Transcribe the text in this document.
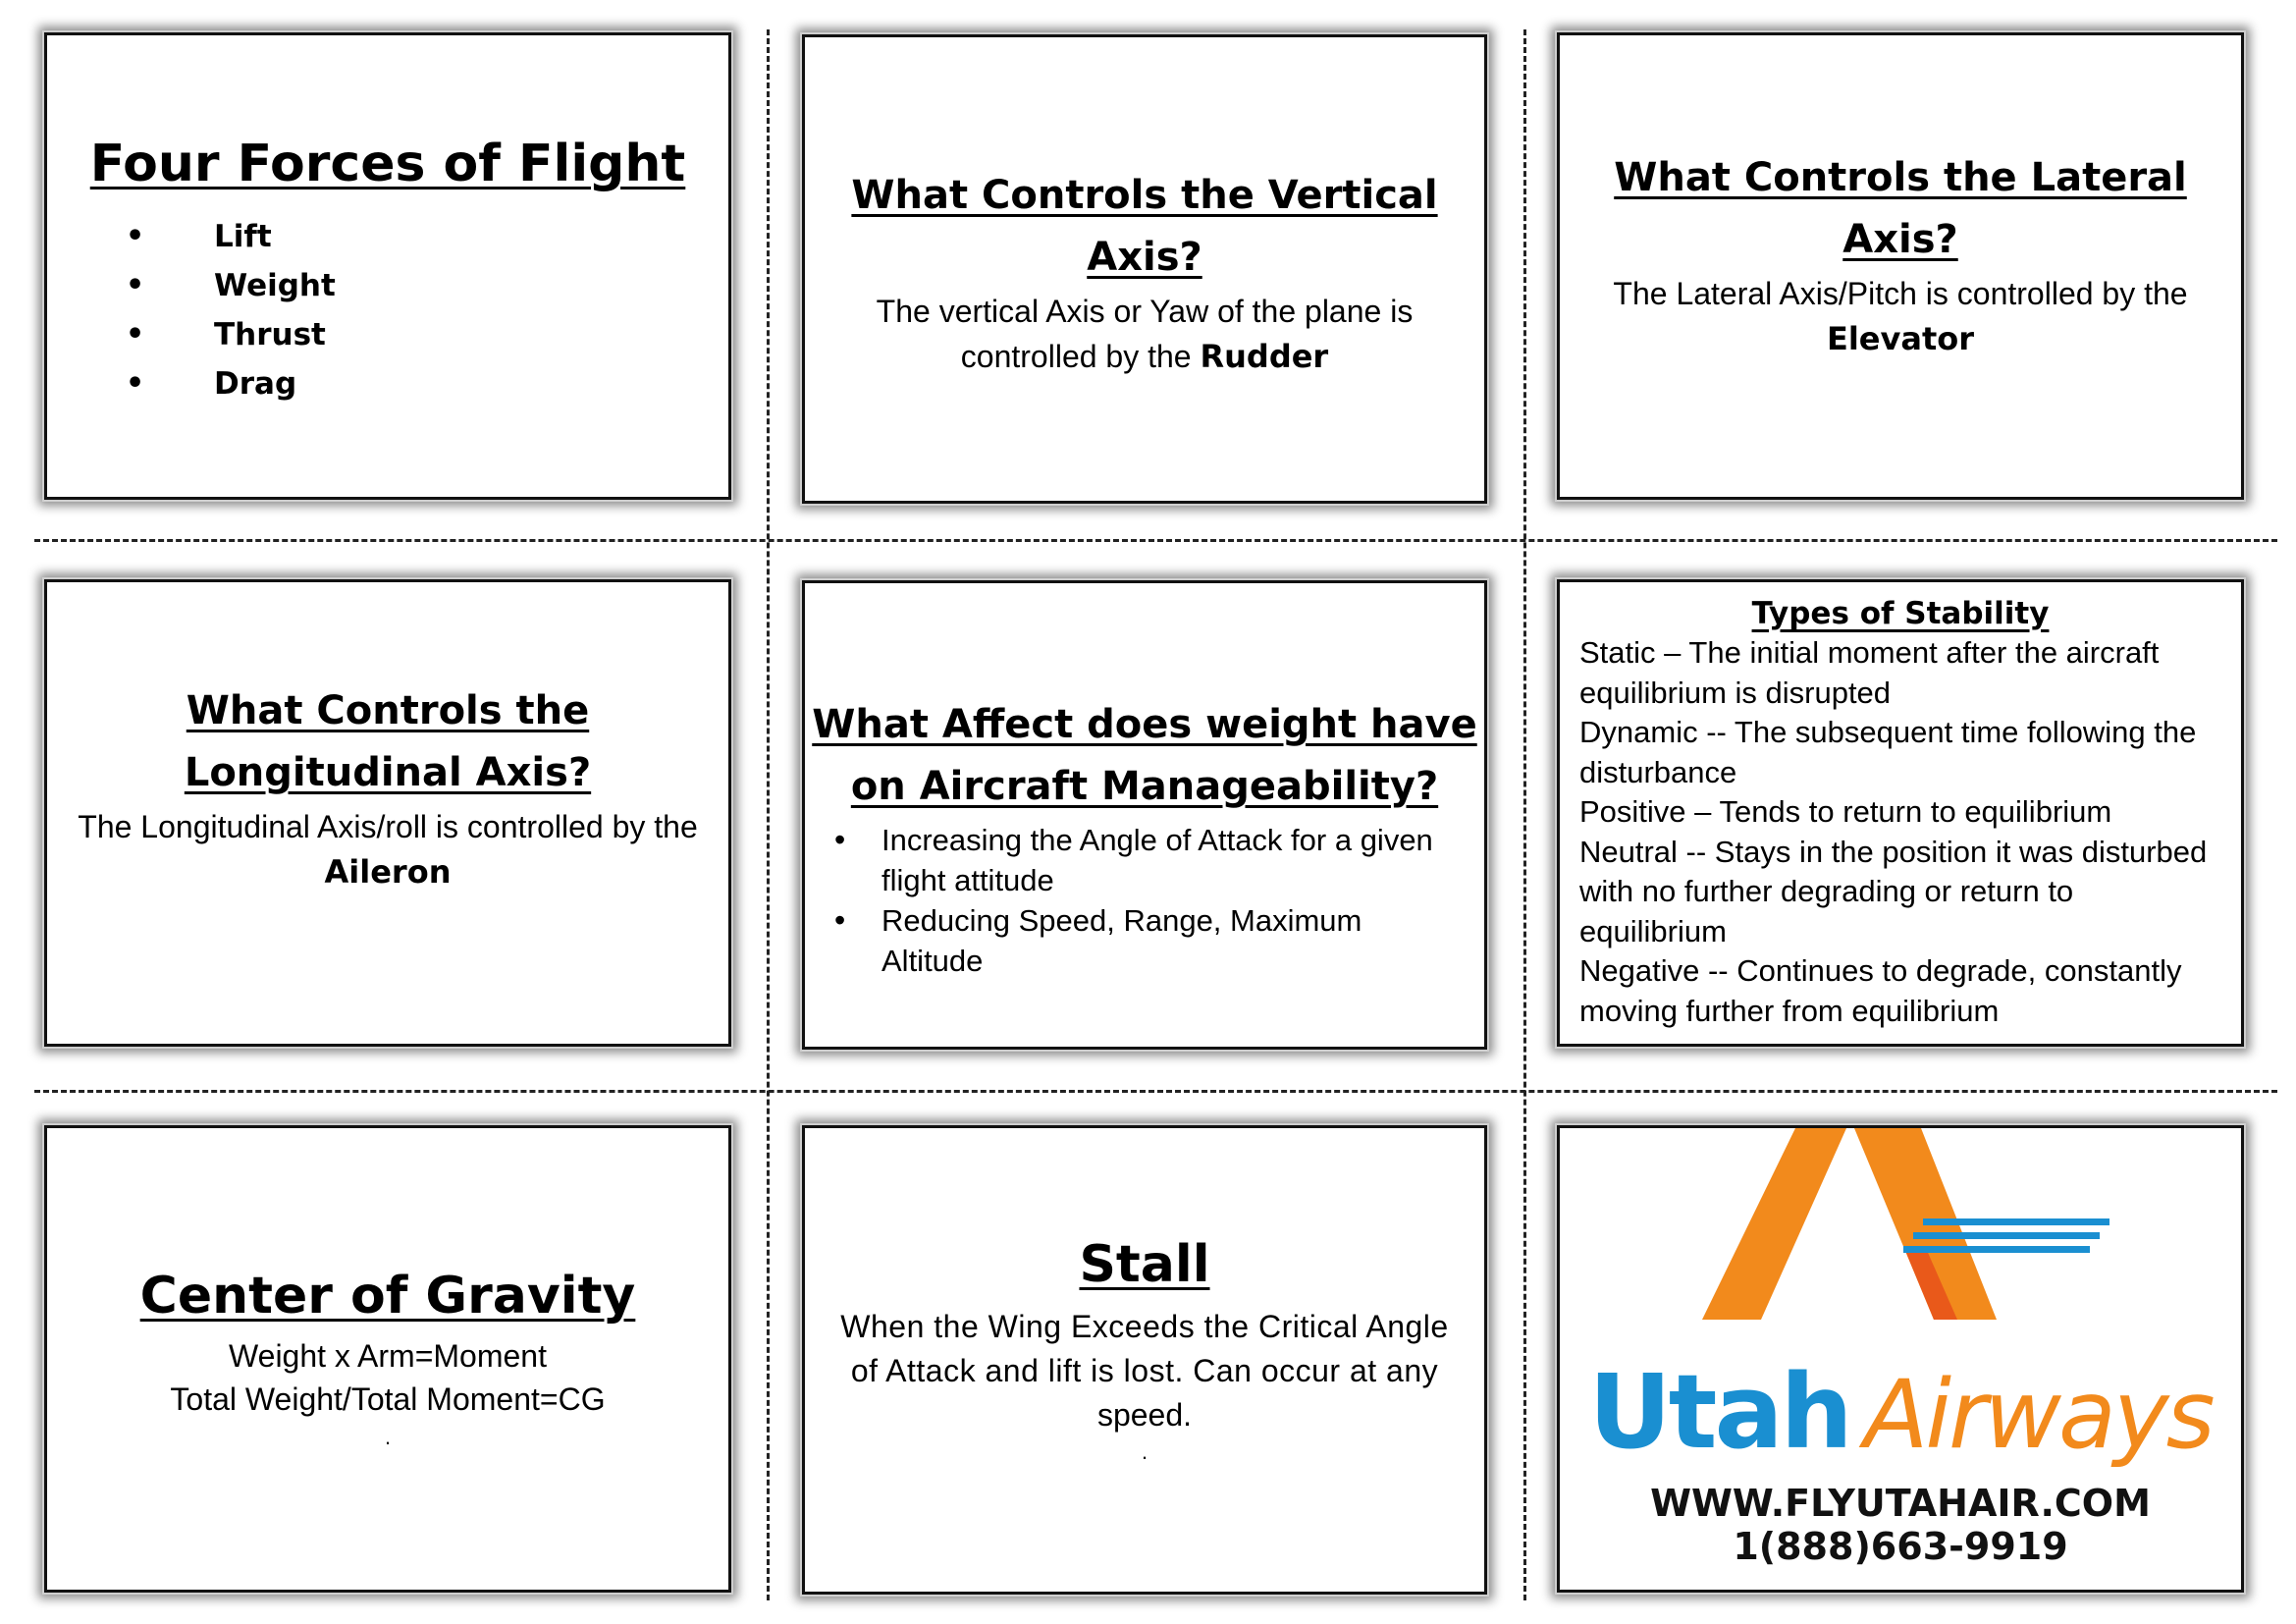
Four Forces of Flight
• Lift
• Weight
• Thrust
• Drag
What Controls the Vertical
Axis?
The vertical Axis or Yaw of the plane is
controlled by the Rudder
What Controls the Lateral
Axis?
The Lateral Axis/Pitch is controlled by the
Elevator
What Controls the
Longitudinal Axis?
The Longitudinal Axis/roll is controlled by the
Aileron
What Affect does weight have
on Aircraft Manageability?
• Increasing the Angle of Attack for a given flight attitude
• Reducing Speed, Range, Maximum Altitude
Types of Stability
Static – The initial moment after the aircraft
equilibrium is disrupted
Dynamic -- The subsequent time following the
disturbance
Positive – Tends to return to equilibrium
Neutral -- Stays in the position it was disturbed
with no further degrading or return to
equilibrium
Negative -- Continues to degrade, constantly
moving further from equilibrium
Center of Gravity
Weight x Arm=Moment
Total Weight/Total Moment=CG
.
Stall
When the Wing Exceeds the Critical Angle
of Attack and lift is lost. Can occur at any
speed.
.	Utah Airways
WWW.FLYUTAHAIR.COM
1(888)663-9919
